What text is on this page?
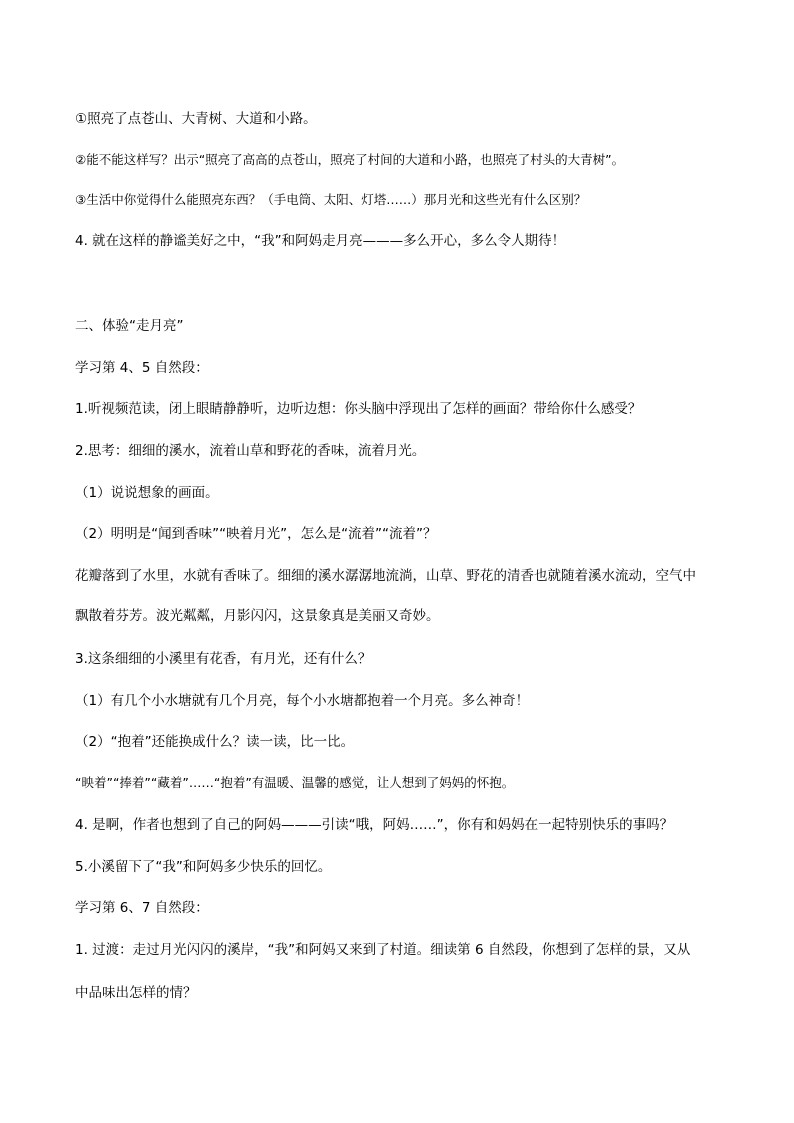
①照亮了点苍山、大青树、大道和小路。
②能不能这样写？出示“照亮了高高的点苍山，照亮了村间的大道和小路，也照亮了村头的大青树”。
③生活中你觉得什么能照亮东西？（手电筒、太阳、灯塔……）那月光和这些光有什么区别？
4. 就在这样的静谧美好之中，“我”和阿妈走月亮———多么开心，多么令人期待！
二、体验“走月亮”
学习第 4、5 自然段：
1.听视频范读，闭上眼睛静静听，边听边想：你头脑中浮现出了怎样的画面？带给你什么感受？
2.思考：细细的溪水，流着山草和野花的香味，流着月光。
（1）说说想象的画面。
（2）明明是“闻到香味”“映着月光”，怎么是“流着”“流着”？
花瓣落到了水里，水就有香味了。细细的溪水潺潺地流淌，山草、野花的清香也就随着溪水流动，空气中
飘散着芬芳。波光粼粼，月影闪闪，这景象真是美丽又奇妙。
3.这条细细的小溪里有花香，有月光，还有什么？
（1）有几个小水塘就有几个月亮，每个小水塘都抱着一个月亮。多么神奇！
（2）“抱着”还能换成什么？读一读，比一比。
“映着”“捧着”“藏着”……“抱着”有温暖、温馨的感觉，让人想到了妈妈的怀抱。
4. 是啊，作者也想到了自己的阿妈———引读“哦，阿妈……”，你有和妈妈在一起特别快乐的事吗？
5.小溪留下了“我”和阿妈多少快乐的回忆。
学习第 6、7 自然段：
1. 过渡：走过月光闪闪的溪岸，“我”和阿妈又来到了村道。细读第 6 自然段，你想到了怎样的景，又从
中品味出怎样的情？
